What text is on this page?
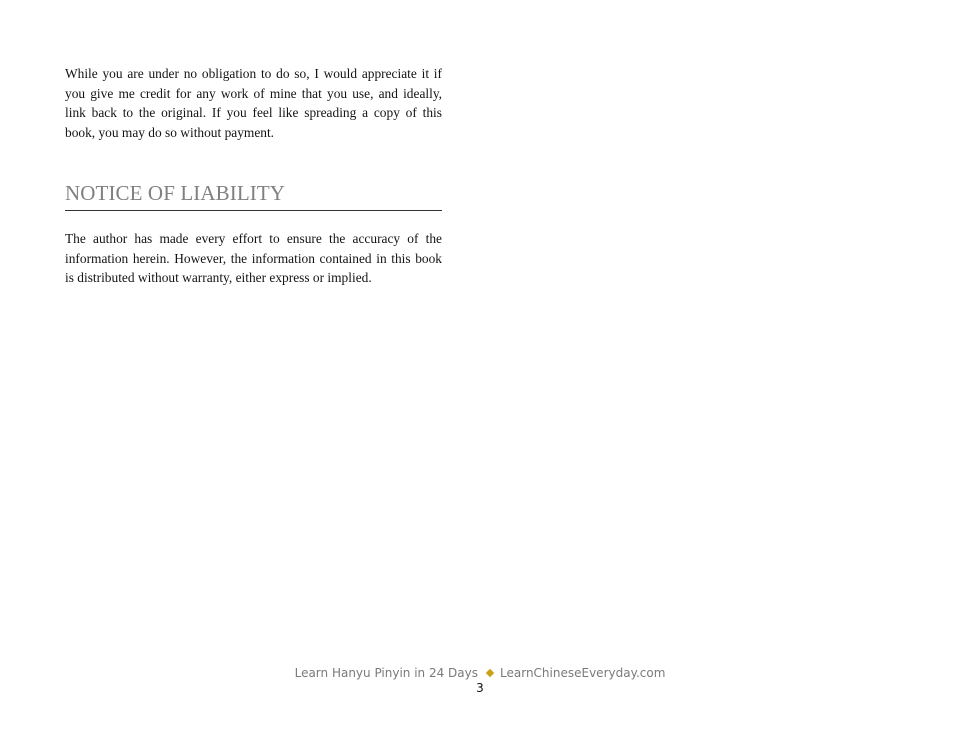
While you are under no obligation to do so, I would appreciate it if you give me credit for any work of mine that you use, and ideally, link back to the original. If you feel like spreading a copy of this book, you may do so without payment.

NOTICE OF LIABILITY

The author has made every effort to ensure the accuracy of the information herein. However, the information contained in this book is distributed without warranty, either express or implied.

Learn Hanyu Pinyin in 24 Days LearnChineseEveryday.com
3
